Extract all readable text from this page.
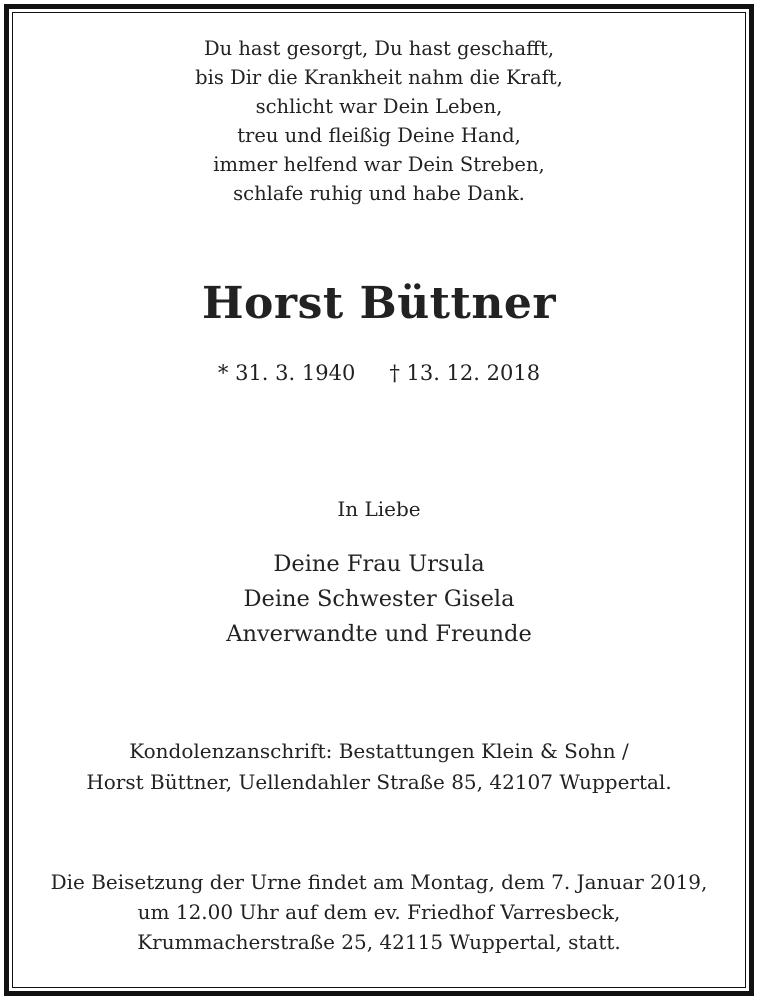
Du hast gesorgt, Du hast geschafft,
bis Dir die Krankheit nahm die Kraft,
schlicht war Dein Leben,
treu und fleißig Deine Hand,
immer helfend war Dein Streben,
schlafe ruhig und habe Dank.
Horst Büttner
* 31. 3. 1940 † 13. 12. 2018
In Liebe
Deine Frau Ursula
Deine Schwester Gisela
Anverwandte und Freunde
Kondolenzanschrift: Bestattungen Klein & Sohn /
Horst Büttner, Uellendahler Straße 85, 42107 Wuppertal.
Die Beisetzung der Urne findet am Montag, dem 7. Januar 2019,
um 12.00 Uhr auf dem ev. Friedhof Varresbeck,
Krummacherstraße 25, 42115 Wuppertal, statt.
